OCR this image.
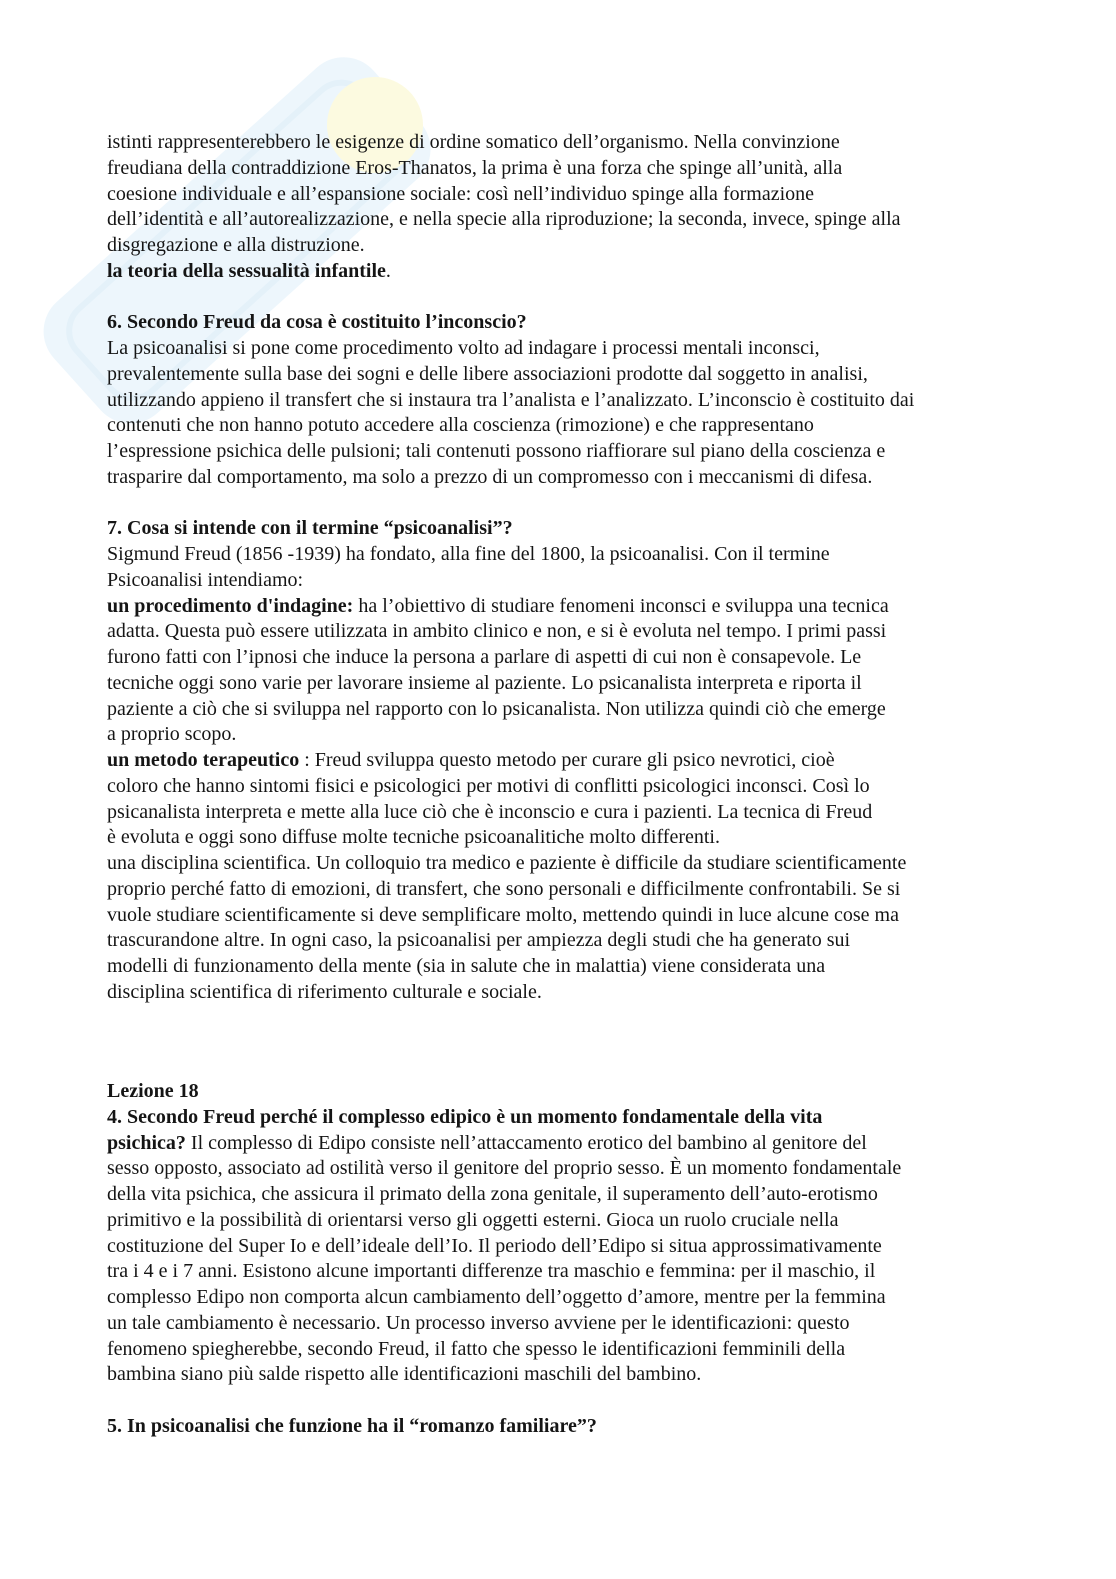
istinti rappresenterebbero le esigenze di ordine somatico dell’organismo. Nella convinzione
freudiana della contraddizione Eros-Thanatos, la prima è una forza che spinge all’unità, alla
coesione individuale e all’espansione sociale: così nell’individuo spinge alla formazione
dell’identità e all’autorealizzazione, e nella specie alla riproduzione; la seconda, invece, spinge alla
disgregazione e alla distruzione.
la teoria della sessualità infantile.
6. Secondo Freud da cosa è costituito l’inconscio?
La psicoanalisi si pone come procedimento volto ad indagare i processi mentali inconsci,
prevalentemente sulla base dei sogni e delle libere associazioni prodotte dal soggetto in analisi,
utilizzando appieno il transfert che si instaura tra l’analista e l’analizzato. L’inconscio è costituito dai
contenuti che non hanno potuto accedere alla coscienza (rimozione) e che rappresentano
l’espressione psichica delle pulsioni; tali contenuti possono riaffiorare sul piano della coscienza e
trasparire dal comportamento, ma solo a prezzo di un compromesso con i meccanismi di difesa.
7. Cosa si intende con il termine “psicoanalisi”?
Sigmund Freud (1856 -1939) ha fondato, alla fine del 1800, la psicoanalisi. Con il termine
Psicoanalisi intendiamo:
un procedimento d'indagine: ha l’obiettivo di studiare fenomeni inconsci e sviluppa una tecnica
adatta. Questa può essere utilizzata in ambito clinico e non, e si è evoluta nel tempo. I primi passi
furono fatti con l’ipnosi che induce la persona a parlare di aspetti di cui non è consapevole. Le
tecniche oggi sono varie per lavorare insieme al paziente. Lo psicanalista interpreta e riporta il
paziente a ciò che si sviluppa nel rapporto con lo psicanalista. Non utilizza quindi ciò che emerge
a proprio scopo.
un metodo terapeutico : Freud sviluppa questo metodo per curare gli psico nevrotici, cioè
coloro che hanno sintomi fisici e psicologici per motivi di conflitti psicologici inconsci. Così lo
psicanalista interpreta e mette alla luce ciò che è inconscio e cura i pazienti. La tecnica di Freud
è evoluta e oggi sono diffuse molte tecniche psicoanalitiche molto differenti.
una disciplina scientifica. Un colloquio tra medico e paziente è difficile da studiare scientificamente
proprio perché fatto di emozioni, di transfert, che sono personali e difficilmente confrontabili. Se si
vuole studiare scientificamente si deve semplificare molto, mettendo quindi in luce alcune cose ma
trascurandone altre. In ogni caso, la psicoanalisi per ampiezza degli studi che ha generato sui
modelli di funzionamento della mente (sia in salute che in malattia) viene considerata una
disciplina scientifica di riferimento culturale e sociale.
Lezione 18
4. Secondo Freud perché il complesso edipico è un momento fondamentale della vita
psichica? Il complesso di Edipo consiste nell’attaccamento erotico del bambino al genitore del
sesso opposto, associato ad ostilità verso il genitore del proprio sesso. È un momento fondamentale
della vita psichica, che assicura il primato della zona genitale, il superamento dell’auto-erotismo
primitivo e la possibilità di orientarsi verso gli oggetti esterni. Gioca un ruolo cruciale nella
costituzione del Super Io e dell’ideale dell’Io. Il periodo dell’Edipo si situa approssimativamente
tra i 4 e i 7 anni. Esistono alcune importanti differenze tra maschio e femmina: per il maschio, il
complesso Edipo non comporta alcun cambiamento dell’oggetto d’amore, mentre per la femmina
un tale cambiamento è necessario. Un processo inverso avviene per le identificazioni: questo
fenomeno spiegherebbe, secondo Freud, il fatto che spesso le identificazioni femminili della
bambina siano più salde rispetto alle identificazioni maschili del bambino.
5. In psicoanalisi che funzione ha il “romanzo familiare”?
